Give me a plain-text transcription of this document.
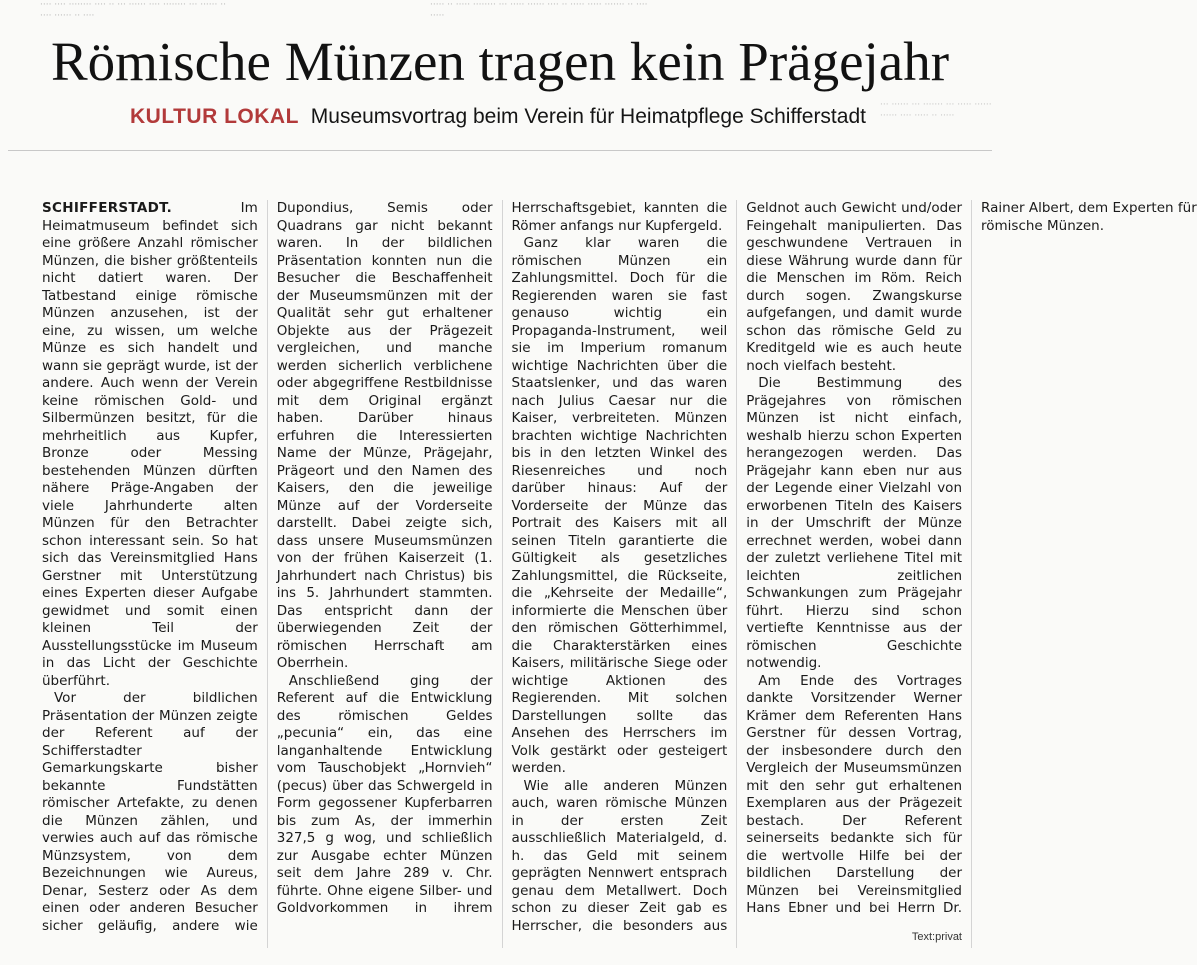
···· ···· ········ ···· ·· ··· ······ ···· ········ ··· ······ ·· ···· ······ ·· ····
····· ·· ····· ········ ··· ····· ······ ···· ·· ····· ····· ······· ·· ···· ·····
··· ······ ··· ······· ··· ····· ······ ······ ···· ····· ·· ·····
Römische Münzen tragen kein Prägejahr
KULTUR LOKAL Museumsvortrag beim Verein für Heimatpflege Schifferstadt

SCHIFFERSTADT.	Im Heimatmuseum befindet sich eine größere Anzahl römischer Münzen, die bisher größtenteils nicht datiert waren. Der Tatbestand einige römische Münzen anzusehen, ist der eine, zu wissen, um welche Münze es sich handelt und wann sie geprägt wurde, ist der andere. Auch wenn der Verein keine römischen Gold- und Silbermünzen besitzt, für die mehrheitlich aus Kupfer, Bronze oder Messing bestehenden Münzen dürften nähere Präge-Angaben der viele Jahrhunderte alten Münzen für den Betrachter schon interessant sein. So hat sich das Vereinsmitglied Hans Gerstner mit Unterstützung eines Experten dieser Aufgabe gewidmet und somit einen kleinen Teil der Ausstellungsstücke im Museum in das Licht der Geschichte überführt.

Vor der bildlichen Präsentation der Münzen zeigte der Referent auf der Schifferstadter Gemarkungskarte bisher bekannte Fundstätten römischer Artefakte, zu denen die Münzen zählen, und verwies auch auf das römische Münzsystem, von dem Bezeichnungen wie Aureus, Denar, Sesterz oder As dem einen oder anderen Besucher sicher geläufig, andere wie Dupondius, Semis oder Quadrans gar nicht bekannt waren. In der bildlichen Präsentation konnten nun die Besucher die Beschaffenheit der Museumsmünzen mit der Qualität sehr gut erhaltener Objekte aus der Prägezeit vergleichen, und manche werden sicherlich verblichene oder abgegriffene Restbildnisse mit dem Original ergänzt haben. Darüber hinaus erfuhren die Interessierten Name der Münze, Prägejahr, Prägeort und den Namen des Kaisers, den die jeweilige Münze auf der Vorderseite darstellt. Dabei zeigte sich, dass unsere Museumsmünzen von der frühen Kaiserzeit (1. Jahrhundert nach Christus) bis ins 5. Jahrhundert stammten. Das entspricht dann der überwiegenden Zeit der römischen Herrschaft am Oberrhein.

Anschließend ging der Referent auf die Entwicklung des römischen Geldes „pecunia“ ein, das eine langanhaltende Entwicklung vom Tauschobjekt „Hornvieh“ (pecus) über das Schwergeld in Form gegossener Kupferbarren bis zum As, der immerhin 327,5 g wog, und schließlich zur Ausgabe echter Münzen seit dem Jahre 289 v. Chr. führte. Ohne eigene Silber- und Goldvorkommen in ihrem Herrschaftsgebiet, kannten die Römer anfangs nur Kupfergeld.

Ganz klar waren die römischen Münzen ein Zahlungsmittel. Doch für die Regierenden waren sie fast genauso wichtig ein Propaganda-Instrument, weil sie im Imperium romanum wichtige Nachrichten über die Staatslenker, und das waren nach Julius Caesar nur die Kaiser, verbreiteten. Münzen brachten wichtige Nachrichten bis in den letzten Winkel des Riesenreiches und noch darüber hinaus: Auf der Vorderseite der Münze das Portrait des Kaisers mit all seinen Titeln garantierte die Gültigkeit als gesetzliches Zahlungsmittel, die Rückseite, die „Kehrseite der Medaille“, informierte die Menschen über den römischen Götterhimmel, die Charakterstärken eines Kaisers, militärische Siege oder wichtige Aktionen des Regierenden. Mit solchen Darstellungen sollte das Ansehen des Herrschers im Volk gestärkt oder gesteigert werden.

Wie alle anderen Münzen auch, waren römische Münzen in der ersten Zeit ausschließlich Materialgeld, d. h. das Geld mit seinem geprägten Nennwert entsprach genau dem Metallwert. Doch schon zu dieser Zeit gab es Herrscher, die besonders aus Geldnot auch Gewicht und/oder Feingehalt manipulierten. Das geschwundene Vertrauen in diese Währung wurde dann für die Menschen im Röm. Reich durch sogen. Zwangskurse aufgefangen, und damit wurde schon das römische Geld zu Kreditgeld wie es auch heute noch vielfach besteht.

Die Bestimmung des Prägejahres von römischen Münzen ist nicht einfach, weshalb hierzu schon Experten herangezogen werden. Das Prägejahr kann eben nur aus der Legende einer Vielzahl von erworbenen Titeln des Kaisers in der Umschrift der Münze errechnet werden, wobei dann der zuletzt verliehene Titel mit leichten zeitlichen Schwankungen zum Prägejahr führt. Hierzu sind schon vertiefte Kenntnisse aus der römischen Geschichte notwendig.

Am Ende des Vortrages dankte Vorsitzender Werner Krämer dem Referenten Hans Gerstner für dessen Vortrag, der insbesondere durch den Vergleich der Museumsmünzen mit den sehr gut erhaltenen Exemplaren aus der Prägezeit bestach. Der Referent seinerseits bedankte sich für die wertvolle Hilfe bei der bildlichen Darstellung der Münzen bei Vereinsmitglied Hans Ebner und bei Herrn Dr. Rainer Albert, dem Experten für römische Münzen.

Text:privat
